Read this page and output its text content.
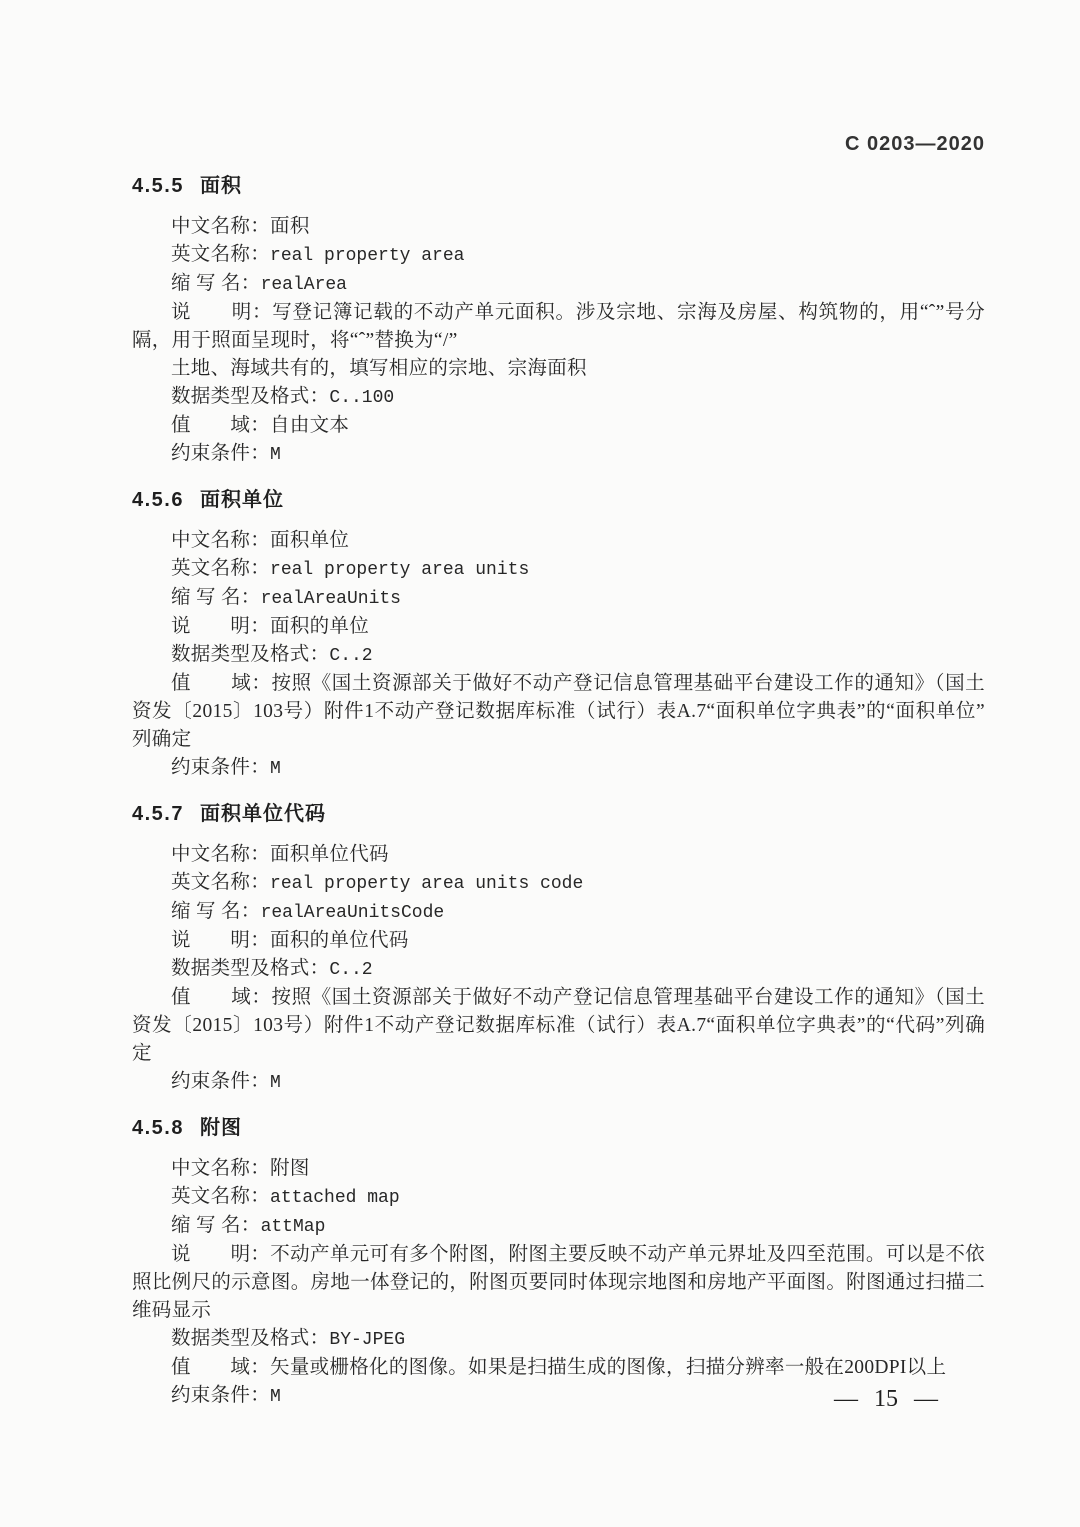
C 0203—2020
4.5.5 面积

中文名称：面积

英文名称：real property area

缩 写 名：realArea

说　　明：写登记簿记载的不动产单元面积。涉及宗地、宗海及房屋、构筑物的，用“ˆ”号分隔，用于照面呈现时，将“ˆ”替换为“/”

土地、海域共有的，填写相应的宗地、宗海面积

数据类型及格式：C..100

值　　域：自由文本

约束条件：M

4.5.6 面积单位

中文名称：面积单位

英文名称：real property area units

缩 写 名：realAreaUnits

说　　明：面积的单位

数据类型及格式：C..2

值　　域：按照《国土资源部关于做好不动产登记信息管理基础平台建设工作的通知》（国土资发〔2015〕103号）附件1不动产登记数据库标准（试行）表A.7“面积单位字典表”的“面积单位”列确定

约束条件：M

4.5.7 面积单位代码

中文名称：面积单位代码

英文名称：real property area units code

缩 写 名：realAreaUnitsCode

说　　明：面积的单位代码

数据类型及格式：C..2

值　　域：按照《国土资源部关于做好不动产登记信息管理基础平台建设工作的通知》（国土资发〔2015〕103号）附件1不动产登记数据库标准（试行）表A.7“面积单位字典表”的“代码”列确定

约束条件：M

4.5.8 附图

中文名称：附图

英文名称：attached map

缩 写 名：attMap

说　　明：不动产单元可有多个附图，附图主要反映不动产单元界址及四至范围。可以是不依照比例尺的示意图。房地一体登记的，附图页要同时体现宗地图和房地产平面图。附图通过扫描二维码显示

数据类型及格式：BY-JPEG

值　　域：矢量或栅格化的图像。如果是扫描生成的图像，扫描分辨率一般在200DPI以上

约束条件：M	— 15 —
